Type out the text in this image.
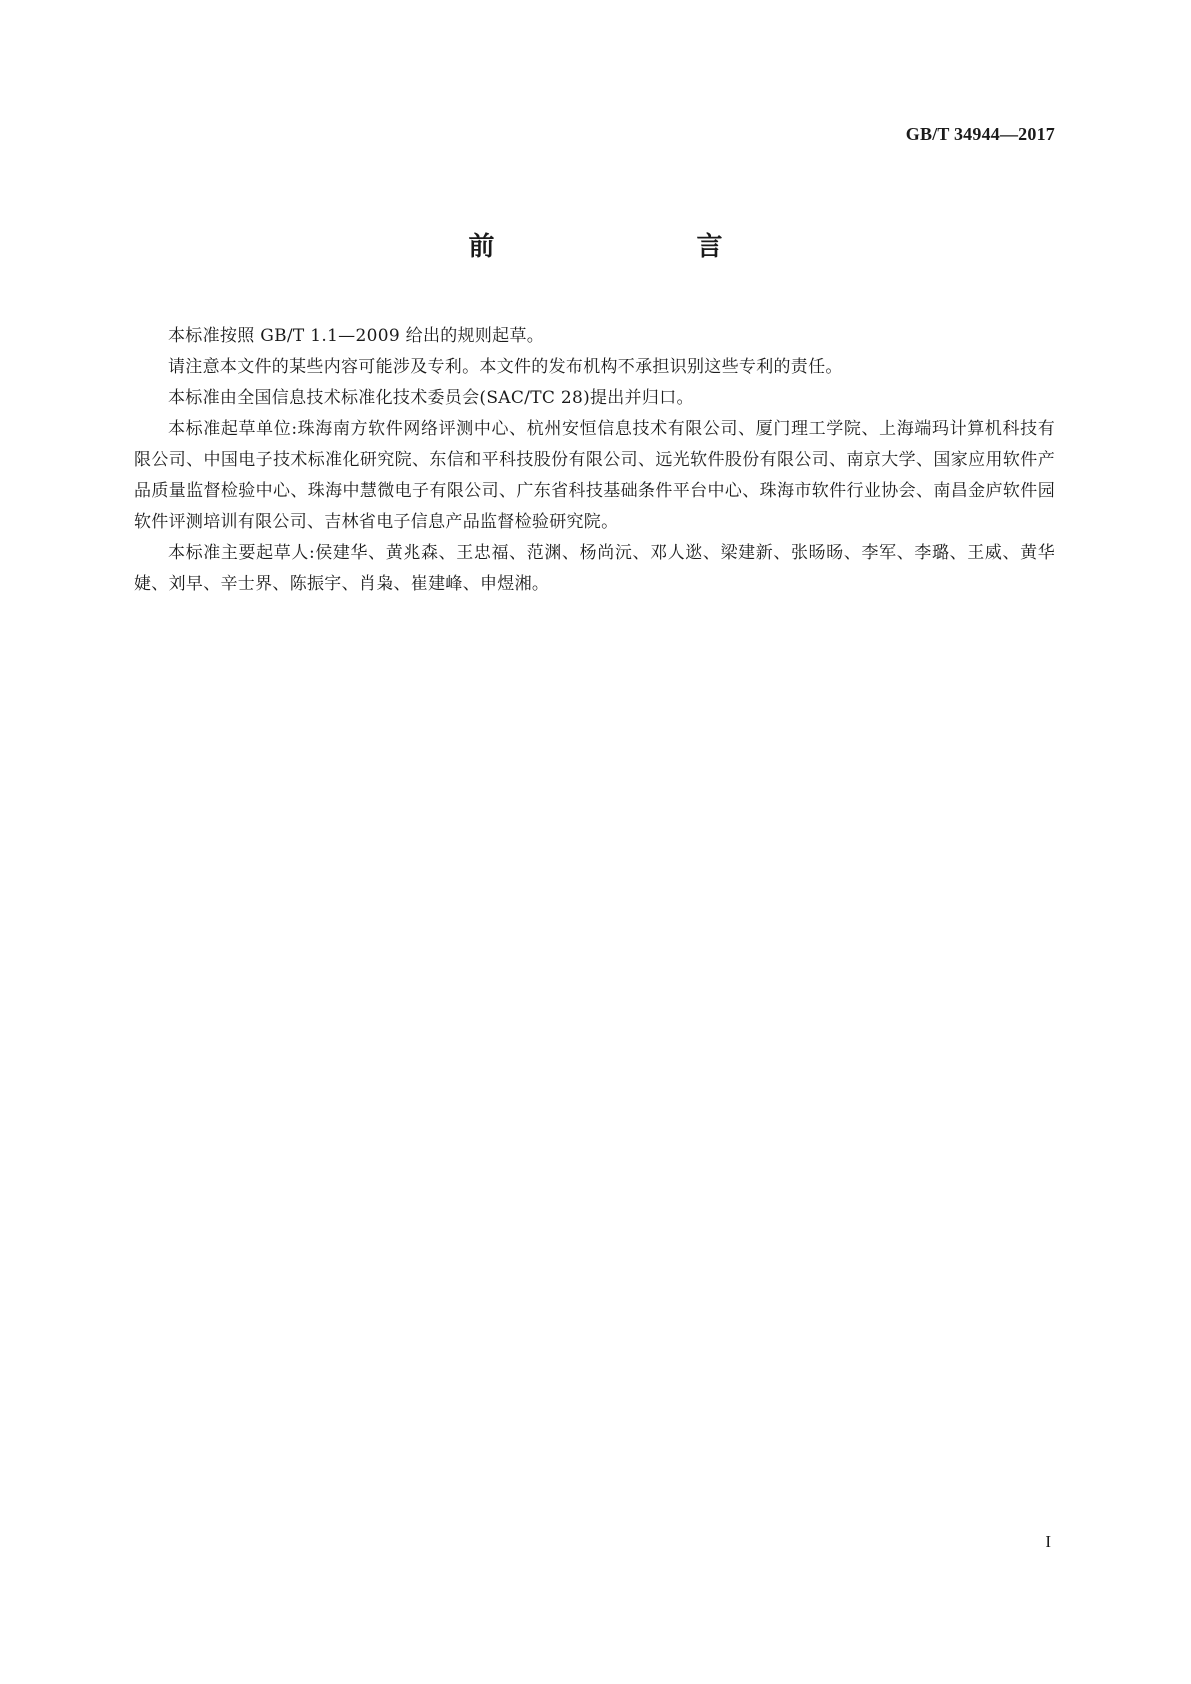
GB/T 34944—2017
前　　言

本标准按照 GB/T 1.1—2009 给出的规则起草。

请注意本文件的某些内容可能涉及专利。本文件的发布机构不承担识别这些专利的责任。

本标准由全国信息技术标准化技术委员会(SAC/TC 28)提出并归口。

本标准起草单位:珠海南方软件网络评测中心、杭州安恒信息技术有限公司、厦门理工学院、上海端玛计算机科技有限公司、中国电子技术标准化研究院、东信和平科技股份有限公司、远光软件股份有限公司、南京大学、国家应用软件产品质量监督检验中心、珠海中慧微电子有限公司、广东省科技基础条件平台中心、珠海市软件行业协会、南昌金庐软件园软件评测培训有限公司、吉林省电子信息产品监督检验研究院。

本标准主要起草人:侯建华、黄兆森、王忠福、范渊、杨尚沅、邓人逖、梁建新、张旸旸、李军、李璐、王威、黄华婕、刘早、辛士界、陈振宇、肖枭、崔建峰、申煜湘。

I
